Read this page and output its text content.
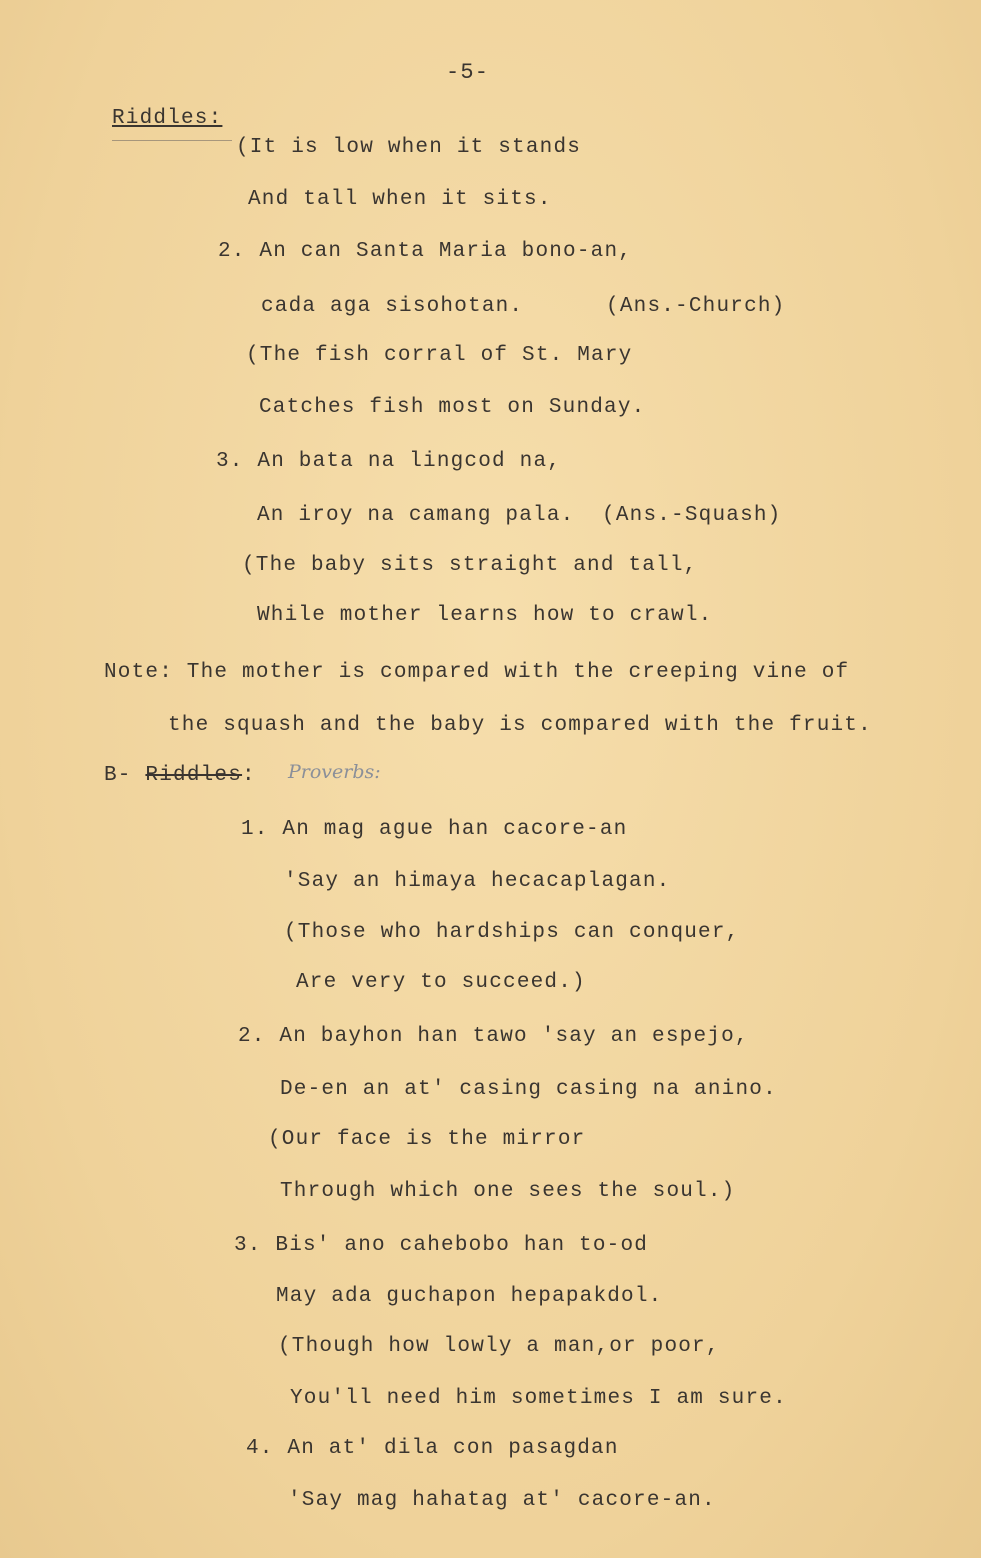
-5-
Riddles:
(It is low when it stands
And tall when it sits.
2. An can Santa Maria bono-an,
cada aga sisohotan.      (Ans.-Church)
(The fish corral of St. Mary
Catches fish most on Sunday.
3. An bata na lingcod na,
An iroy na camang pala.  (Ans.-Squash)
(The baby sits straight and tall,
While mother learns how to crawl.
Note: The mother is compared with the creeping vine of
the squash and the baby is compared with the fruit.
B- Riddles: Proverbs:
1. An mag ague han cacore-an
'Say an himaya hecacaplagan.
(Those who hardships can conquer,
Are very to succeed.)
2. An bayhon han tawo 'say an espejo,
De-en an at' casing casing na anino.
(Our face is the mirror
Through which one sees the soul.)
3. Bis' ano cahebobo han to-od
May ada guchapon hepapakdol.
(Though how lowly a man,or poor,
You'll need him sometimes I am sure.
4. An at' dila con pasagdan
'Say mag hahatag at' cacore-an.
